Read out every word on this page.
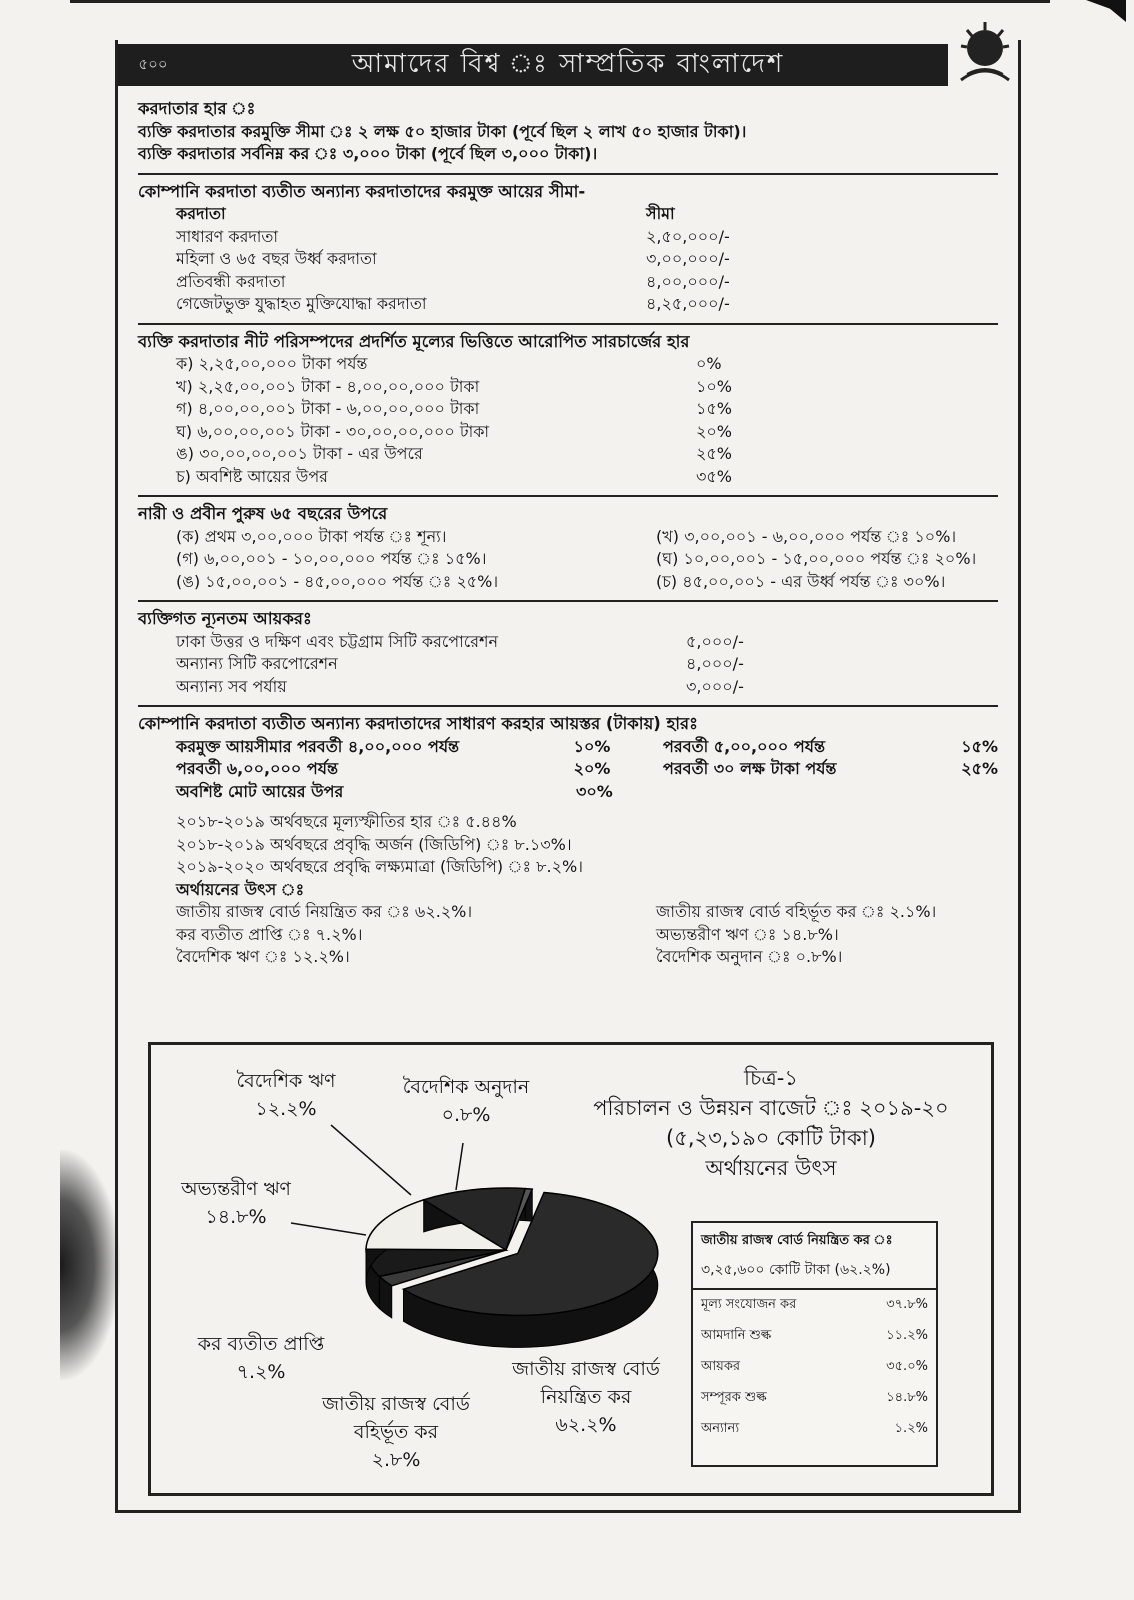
৫০০	আমাদের বিশ্ব ঃ সাম্প্রতিক বাংলাদেশ
করদাতার হার ঃ
ব্যক্তি করদাতার করমুক্তি সীমা ঃ ২ লক্ষ ৫০ হাজার টাকা (পূর্বে ছিল ২ লাখ ৫০ হাজার টাকা)।
ব্যক্তি করদাতার সর্বনিম্ন কর ঃ ৩,০০০ টাকা (পূর্বে ছিল ৩,০০০ টাকা)।
কোম্পানি করদাতা ব্যতীত অন্যান্য করদাতাদের করমুক্ত আয়ের সীমা-
করদাতা	সীমা
সাধারণ করদাতা	২,৫০,০০০/-
মহিলা ও ৬৫ বছর উর্ধ্ব করদাতা	৩,০০,০০০/-
প্রতিবন্ধী করদাতা	৪,০০,০০০/-
গেজেটভুক্ত যুদ্ধাহত মুক্তিযোদ্ধা করদাতা	৪,২৫,০০০/-
ব্যক্তি করদাতার নীট পরিসম্পদের প্রদর্শিত মূল্যের ভিত্তিতে আরোপিত সারচার্জের হার
ক) ২,২৫,০০,০০০ টাকা পর্যন্ত	০%
খ) ২,২৫,০০,০০১ টাকা - ৪,০০,০০,০০০ টাকা	১০%
গ) ৪,০০,০০,০০১ টাকা - ৬,০০,০০,০০০ টাকা	১৫%
ঘ) ৬,০০,০০,০০১ টাকা - ৩০,০০,০০,০০০ টাকা	২০%
ঙ) ৩০,০০,০০,০০১ টাকা - এর উপরে	২৫%
চ) অবশিষ্ট আয়ের উপর	৩৫%
নারী ও প্রবীন পুরুষ ৬৫ বছরের উপরে
(ক) প্রথম ৩,০০,০০০ টাকা পর্যন্ত ঃ শূন্য।	(খ) ৩,০০,০০১ - ৬,০০,০০০ পর্যন্ত ঃ ১০%।
(গ) ৬,০০,০০১ - ১০,০০,০০০ পর্যন্ত ঃ ১৫%।	(ঘ) ১০,০০,০০১ - ১৫,০০,০০০ পর্যন্ত ঃ ২০%।
(ঙ) ১৫,০০,০০১ - ৪৫,০০,০০০ পর্যন্ত ঃ ২৫%।	(চ) ৪৫,০০,০০১ - এর উর্ধ্ব পর্যন্ত ঃ ৩০%।
ব্যক্তিগত ন্যূনতম আয়করঃ
ঢাকা উত্তর ও দক্ষিণ এবং চট্টগ্রাম সিটি করপোরেশন	৫,০০০/-
অন্যান্য সিটি করপোরেশন	৪,০০০/-
অন্যান্য সব পর্যায়	৩,০০০/-
কোম্পানি করদাতা ব্যতীত অন্যান্য করদাতাদের সাধারণ করহার আয়স্তর (টাকায়) হারঃ
করমুক্ত আয়সীমার পরবর্তী ৪,০০,০০০ পর্যন্ত	১০%	পরবর্তী ৫,০০,০০০ পর্যন্ত	১৫%
পরবর্তী ৬,০০,০০০ পর্যন্ত	২০%	পরবর্তী ৩০ লক্ষ টাকা পর্যন্ত	২৫%
অবশিষ্ট মোট আয়ের উপর	৩০%
২০১৮-২০১৯ অর্থবছরে মূল্যস্ফীতির হার ঃ ৫.৪৪%
২০১৮-২০১৯ অর্থবছরে প্রবৃদ্ধি অর্জন (জিডিপি) ঃ ৮.১৩%।
২০১৯-২০২০ অর্থবছরে প্রবৃদ্ধি লক্ষ্যমাত্রা (জিডিপি) ঃ ৮.২%।
অর্থায়নের উৎস ঃ
জাতীয় রাজস্ব বোর্ড নিয়ন্ত্রিত কর ঃ ৬২.২%।	জাতীয় রাজস্ব বোর্ড বহির্ভূত কর ঃ ২.১%।
কর ব্যতীত প্রাপ্তি ঃ ৭.২%।	অভ্যন্তরীণ ঋণ ঃ ১৪.৮%।
বৈদেশিক ঋণ ঃ ১২.২%।	বৈদেশিক অনুদান ঃ ০.৮%।
চিত্র-১
পরিচালন ও উন্নয়ন বাজেট ঃ ২০১৯-২০
(৫,২৩,১৯০ কোটি টাকা)
অর্থায়নের উৎস
বৈদেশিক ঋণ
১২.২%
বৈদেশিক অনুদান
০.৮%
অভ্যন্তরীণ ঋণ
১৪.৮%
কর ব্যতীত প্রাপ্তি
৭.২%
জাতীয় রাজস্ব বোর্ড বহির্ভূত কর
২.৮%
জাতীয় রাজস্ব বোর্ড নিয়ন্ত্রিত কর
৬২.২%
জাতীয় রাজস্ব বোর্ড নিয়ন্ত্রিত কর ঃ
৩,২৫,৬০০ কোটি টাকা (৬২.২%)
মূল্য সংযোজন কর	৩৭.৮%
আমদানি শুল্ক	১১.২%
আয়কর	৩৫.০%
সম্পূরক শুল্ক	১৪.৮%
অন্যান্য	১.২%
